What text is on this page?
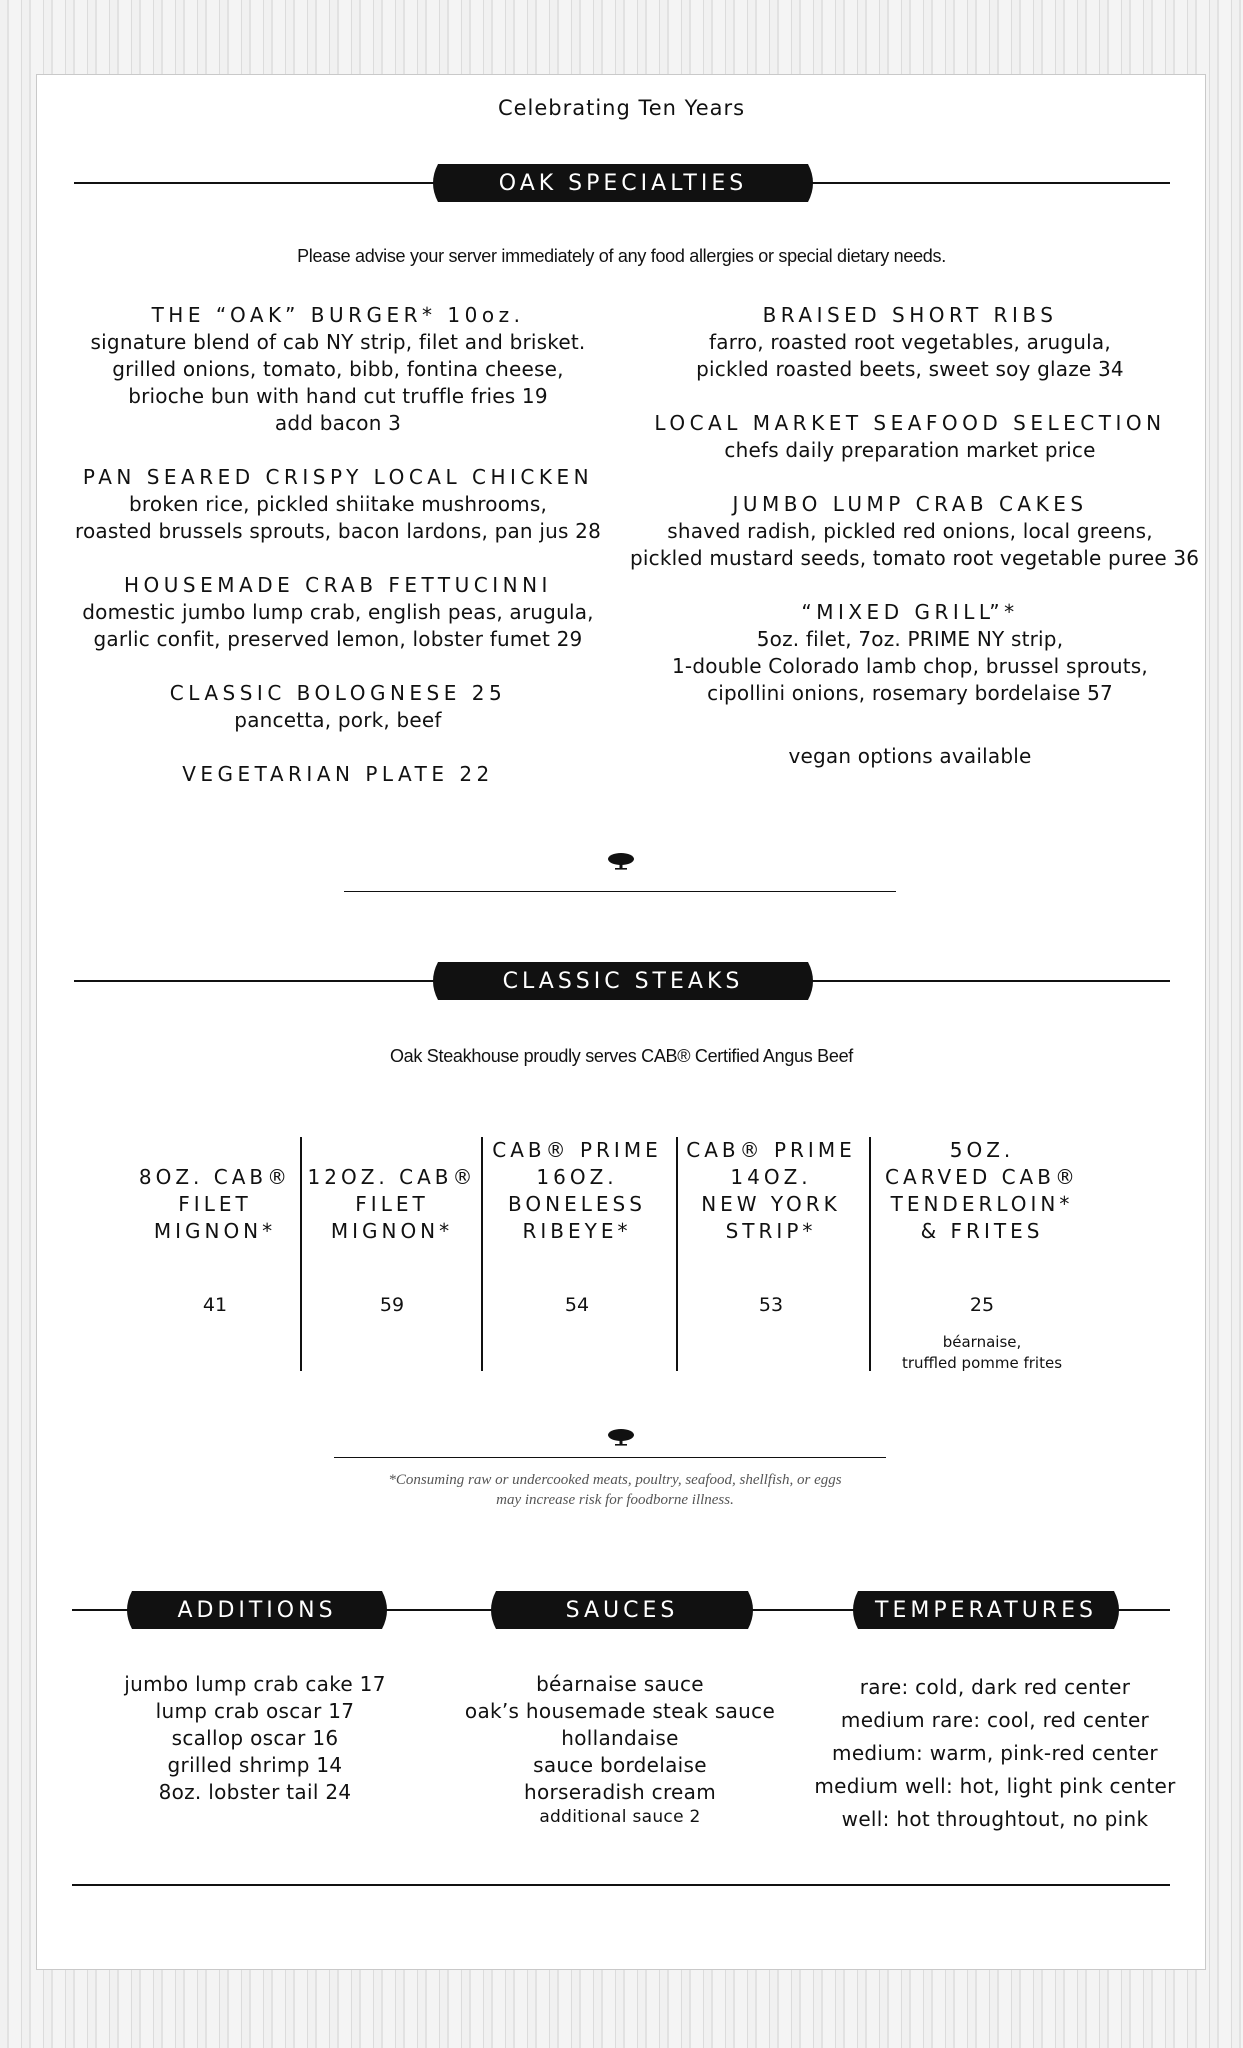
Celebrating Ten Years
OAK SPECIALTIES
Please advise your server immediately of any food allergies or special dietary needs.
THE “OAK” BURGER* 10oz.
signature blend of cab NY strip, filet and brisket.
grilled onions, tomato, bibb, fontina cheese,
brioche bun with hand cut truffle fries 19
add bacon 3
PAN SEARED CRISPY LOCAL CHICKEN
broken rice, pickled shiitake mushrooms,
roasted brussels sprouts, bacon lardons, pan jus 28
HOUSEMADE CRAB FETTUCINNI
domestic jumbo lump crab, english peas, arugula,
garlic confit, preserved lemon, lobster fumet 29
CLASSIC BOLOGNESE 25
pancetta, pork, beef
VEGETARIAN PLATE 22
BRAISED SHORT RIBS
farro, roasted root vegetables, arugula,
pickled roasted beets, sweet soy glaze 34
LOCAL MARKET SEAFOOD SELECTION
chefs daily preparation market price
JUMBO LUMP CRAB CAKES
shaved radish, pickled red onions, local greens,
pickled mustard seeds, tomato root vegetable puree 36
“MIXED GRILL”*
5oz. filet, 7oz. PRIME NY strip,
1-double Colorado lamb chop, brussel sprouts,
cipollini onions, rosemary bordelaise 57
vegan options available
CLASSIC STEAKS
Oak Steakhouse proudly serves CAB® Certified Angus Beef
8OZ. CAB®
FILET
MIGNON*
41
12OZ. CAB®
FILET
MIGNON*
59
CAB® PRIME
16OZ.
BONELESS
RIBEYE*
54
CAB® PRIME
14OZ.
NEW YORK
STRIP*
53
5OZ.
CARVED CAB®
TENDERLOIN*
& FRITES
25
béarnaise,
truffled pomme frites
*Consuming raw or undercooked meats, poultry, seafood, shellfish, or eggs
may increase risk for foodborne illness.
ADDITIONS	SAUCES	TEMPERATURES
jumbo lump crab cake 17
lump crab oscar 17
scallop oscar 16
grilled shrimp 14
8oz. lobster tail 24
béarnaise sauce
oak’s housemade steak sauce
hollandaise
sauce bordelaise
horseradish cream
additional sauce 2
rare: cold, dark red center
medium rare: cool, red center
medium: warm, pink-red center
medium well: hot, light pink center
well: hot throughtout, no pink
